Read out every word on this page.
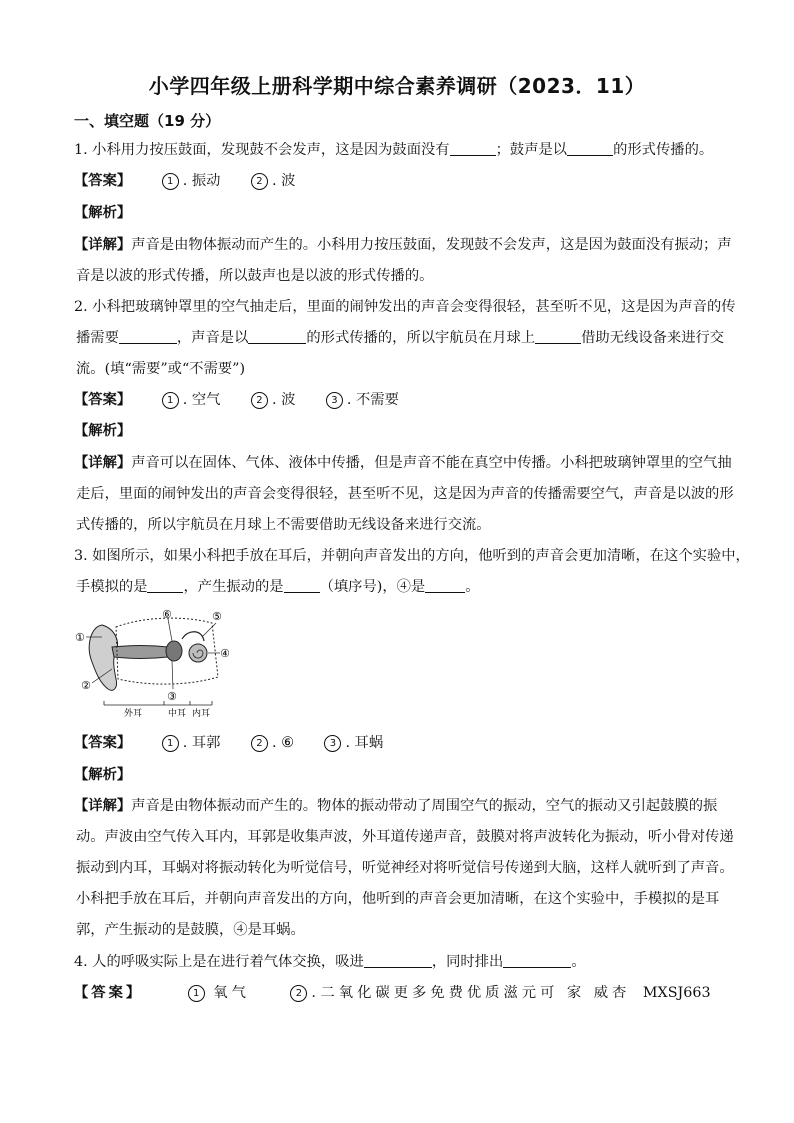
小学四年级上册科学期中综合素养调研（2023．11）
一、填空题（19 分）
1. 小科用力按压鼓面，发现鼓不会发声，这是因为鼓面没有	；鼓声是以	的形式传播的。
【答案】	1 . 振动	2 . 波
【解析】
【详解】声音是由物体振动而产生的。小科用力按压鼓面，发现鼓不会发声，这是因为鼓面没有振动；声
音是以波的形式传播，所以鼓声也是以波的形式传播的。
2. 小科把玻璃钟罩里的空气抽走后，里面的闹钟发出的声音会变得很轻，甚至听不见，这是因为声音的传
播需要	，声音是以	的形式传播的，所以宇航员在月球上	借助无线设备来进行交
流。(填“需要”或“不需要”)
【答案】	1 . 空气	2 . 波	3 . 不需要
【解析】
【详解】声音可以在固体、气体、液体中传播，但是声音不能在真空中传播。小科把玻璃钟罩里的空气抽
走后，里面的闹钟发出的声音会变得很轻，甚至听不见，这是因为声音的传播需要空气，声音是以波的形
式传播的，所以宇航员在月球上不需要借助无线设备来进行交流。
3. 如图所示，如果小科把手放在耳后，并朝向声音发出的方向，他听到的声音会更加清晰，在这个实验中，
手模拟的是	，产生振动的是	（填序号)，④是	。
①
②
③
④
⑤
⑥
外耳	中耳 内耳
【答案】	1 . 耳郭	2 . ⑥	3 . 耳蜗
【解析】
【详解】声音是由物体振动而产生的。物体的振动带动了周围空气的振动，空气的振动又引起鼓膜的振
动。声波由空气传入耳内，耳郭是收集声波，外耳道传递声音，鼓膜对将声波转化为振动，听小骨对传递
振动到内耳，耳蜗对将振动转化为听觉信号，听觉神经对将听觉信号传递到大脑，这样人就听到了声音。
小科把手放在耳后，并朝向声音发出的方向，他听到的声音会更加清晰，在这个实验中，手模拟的是耳
郭，产生振动的是鼓膜，④是耳蜗。
4. 人的呼吸实际上是在进行着气体交换，吸进	，同时排出	。
【答案】	1 氧气	2 . 二氧化碳更多免费优质滋元可 家 威杏 MXSJ663
